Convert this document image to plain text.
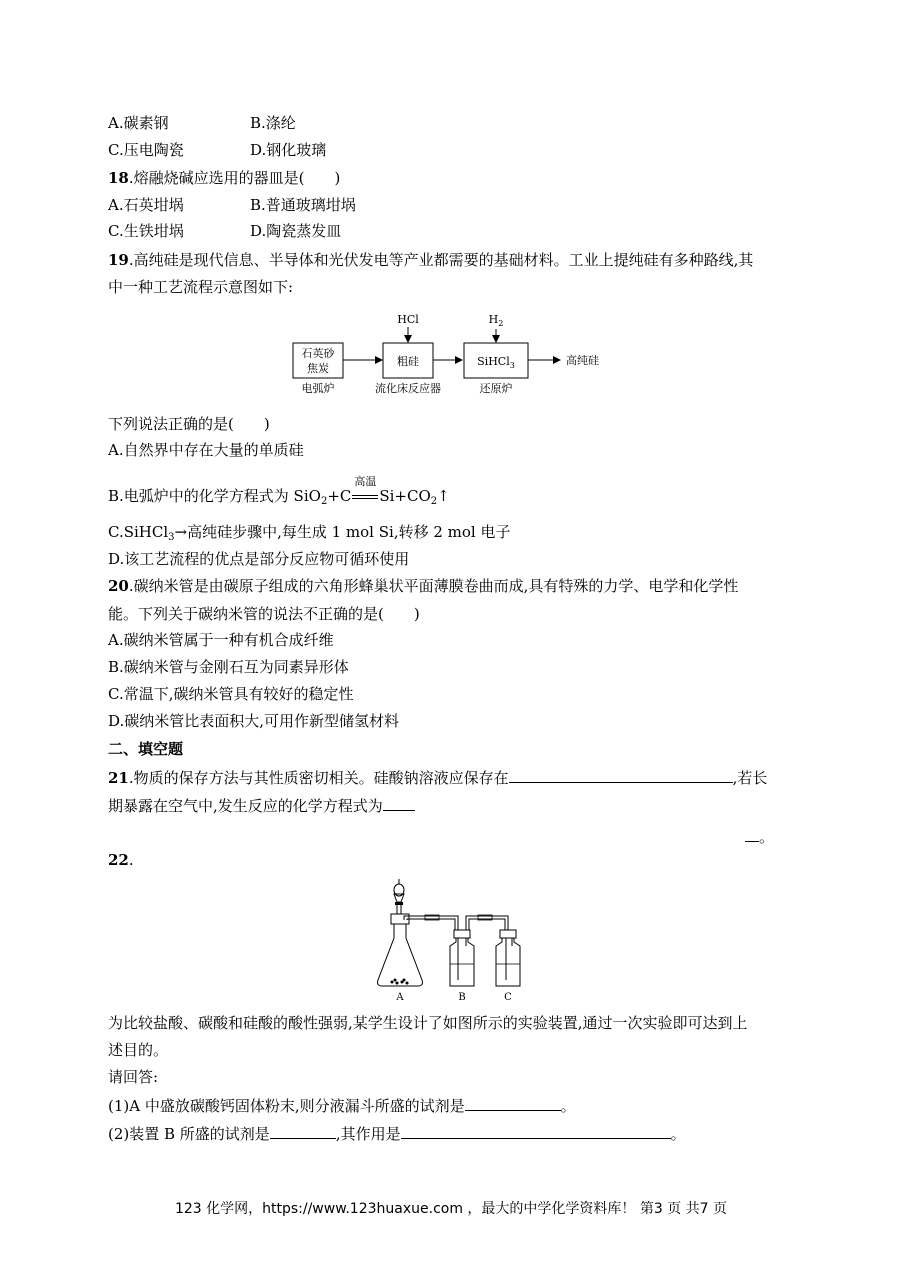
A.碳素钢	B.涤纶
C.压电陶瓷	D.钢化玻璃
18.熔融烧碱应选用的器皿是(　　)
A.石英坩埚	B.普通玻璃坩埚
C.生铁坩埚	D.陶瓷蒸发皿
19.高纯硅是现代信息、半导体和光伏发电等产业都需要的基础材料。工业上提纯硅有多种路线,其
中一种工艺流程示意图如下:
石英砂
焦炭
电弧炉
粗硅
流化床反应器
HCl
SiHCl$_3$
还原炉
$H_2$
高纯硅
下列说法正确的是(　　)
A.自然界中存在大量的单质硅
B.电弧炉中的化学方程式为 SiO$_2$+C
高温
$Si+CO_2↑$
C.SiHCl$_3$→高纯硅步骤中,每生成 1 mol Si,转移 2 mol 电子
D.该工艺流程的优点是部分反应物可循环使用
20.碳纳米管是由碳原子组成的六角形蜂巢状平面薄膜卷曲而成,具有特殊的力学、电学和化学性
能。下列关于碳纳米管的说法不正确的是(　　)
A.碳纳米管属于一种有机合成纤维
B.碳纳米管与金刚石互为同素异形体
C.常温下,碳纳米管具有较好的稳定性
D.碳纳米管比表面积大,可用作新型储氢材料
二、填空题
21.物质的保存方法与其性质密切相关。硅酸钠溶液应保存在	,若长
期暴露在空气中,发生反应的化学方程式为
。
22.
A	B	C
为比较盐酸、碳酸和硅酸的酸性强弱,某学生设计了如图所示的实验装置,通过一次实验即可达到上
述目的。
请回答:
(1)A 中盛放碳酸钙固体粉末,则分液漏斗所盛的试剂是	。
(2)装置 B 所盛的试剂是	,其作用是	。
123 化学网，https://www.123huaxue.com ，最大的中学化学资料库！ 第3 页 共7 页
